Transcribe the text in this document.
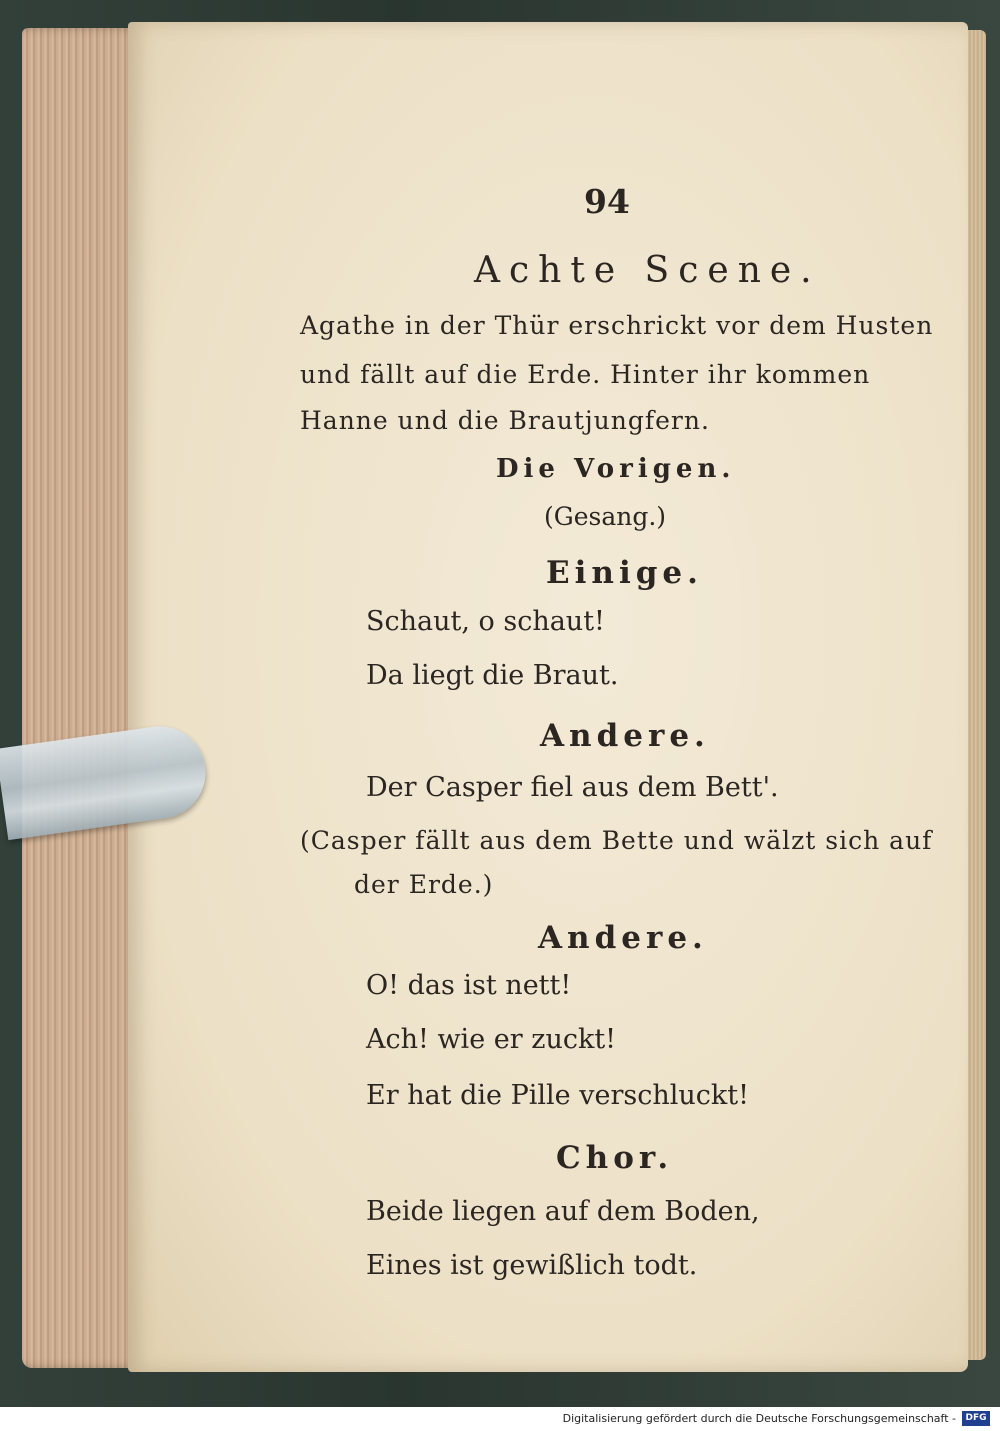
94
Achte Scene.
Agathe in der Thür erschrickt vor dem Husten
und fällt auf die Erde. Hinter ihr kommen
Hanne und die Brautjungfern.
Die Vorigen.
(Gesang.)
Einige.
Schaut, o schaut!
Da liegt die Braut.
Andere.
Der Casper fiel aus dem Bett'.
(Casper fällt aus dem Bette und wälzt sich auf
der Erde.)
Andere.
O! das ist nett!
Ach! wie er zuckt!
Er hat die Pille verschluckt!
Chor.
Beide liegen auf dem Boden,
Eines ist gewißlich todt.
Digitalisierung gefördert durch die Deutsche Forschungsgemeinschaft -	DFG
